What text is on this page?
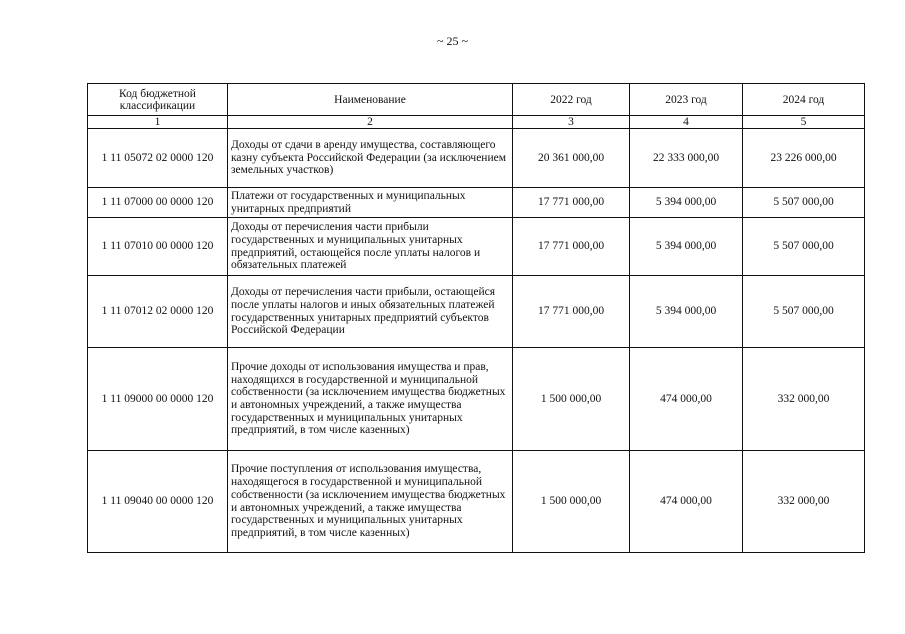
~ 25 ~
Код бюджетной классификации	Наименование	2022 год	2023 год	2024 год
1	2	3	4	5
1 11 05072 02 0000 120	Доходы от сдачи в аренду имущества, составляющего казну субъекта Российской Федерации (за исключением земельных участков)	20 361 000,00	22 333 000,00	23 226 000,00
1 11 07000 00 0000 120	Платежи от государственных и муниципальных унитарных предприятий	17 771 000,00	5 394 000,00	5 507 000,00
1 11 07010 00 0000 120	Доходы от перечисления части прибыли государственных и муниципальных унитарных предприятий, остающейся после уплаты налогов и обязательных платежей	17 771 000,00	5 394 000,00	5 507 000,00
1 11 07012 02 0000 120	Доходы от перечисления части прибыли, остающейся после уплаты налогов и иных обязательных платежей государственных унитарных предприятий субъектов Российской Федерации	17 771 000,00	5 394 000,00	5 507 000,00
1 11 09000 00 0000 120	Прочие доходы от использования имущества и прав, находящихся в государственной и муниципальной собственности (за исключением имущества бюджетных и автономных учреждений, а также имущества государственных и муниципальных унитарных предприятий, в том числе казенных)	1 500 000,00	474 000,00	332 000,00
1 11 09040 00 0000 120	Прочие поступления от использования имущества, находящегося в государственной и муниципальной собственности (за исключением имущества бюджетных и автономных учреждений, а также имущества государственных и муниципальных унитарных предприятий, в том числе казенных)	1 500 000,00	474 000,00	332 000,00
